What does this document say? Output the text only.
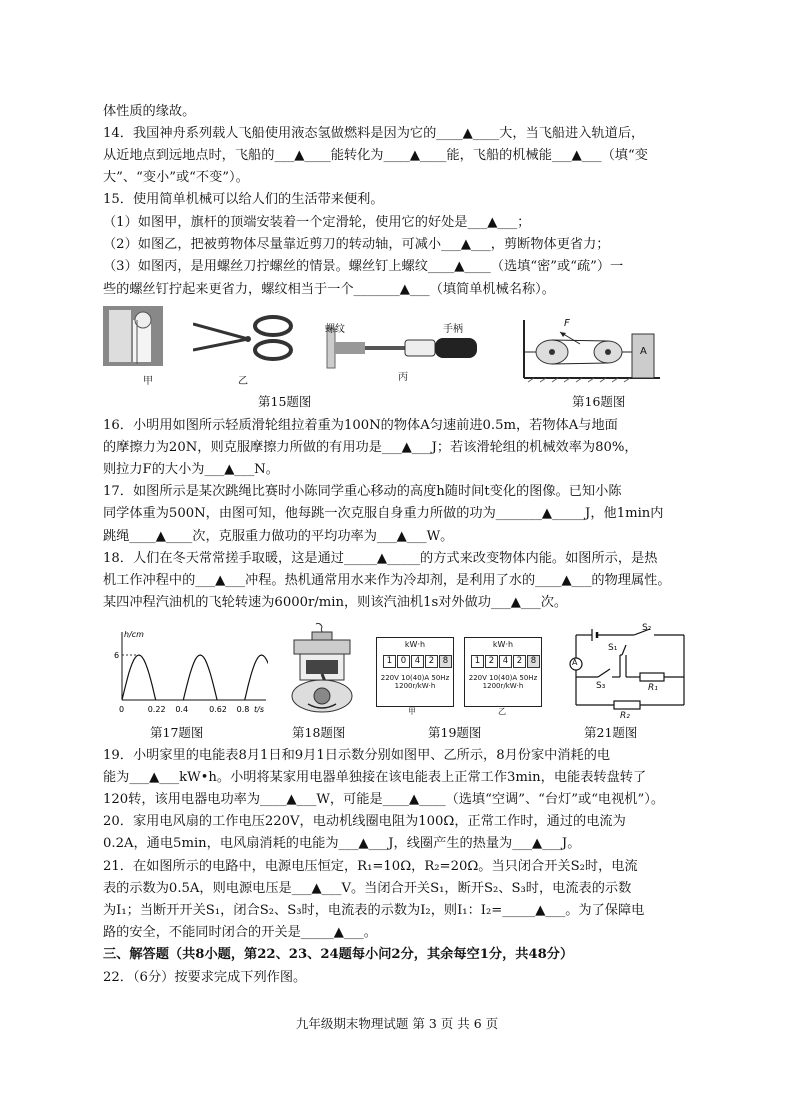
体性质的缘故。
14．我国神舟系列载人飞船使用液态氢做燃料是因为它的____▲____大，当飞船进入轨道后，
从近地点到远地点时，飞船的___▲____能转化为____▲____能，飞船的机械能___▲___（填“变
大”、“变小”或“不变”）。
15．使用简单机械可以给人们的生活带来便利。
（1）如图甲，旗杆的顶端安装着一个定滑轮，使用它的好处是___▲___；
（2）如图乙，把被剪物体尽量靠近剪刀的转动轴，可减小___▲___，剪断物体更省力；
（3）如图丙，是用螺丝刀拧螺丝的情景。螺丝钉上螺纹____▲____（选填“密”或“疏”）一
些的螺丝钉拧起来更省力，螺纹相当于一个_______▲___（填简单机械名称）。
甲	乙
螺纹	手柄
丙
第15题图
F
A
第16题图
16．小明用如图所示轻质滑轮组拉着重为100N的物体A匀速前进0.5m，若物体A与地面
的摩擦力为20N，则克服摩擦力所做的有用功是___▲___J；若该滑轮组的机械效率为80%，
则拉力F的大小为___▲___N。
17．如图所示是某次跳绳比赛时小陈同学重心移动的高度h随时间t变化的图像。已知小陈
同学体重为500N，由图可知，他每跳一次克服自身重力所做的功为_______▲_____J，他1min内
跳绳____▲____次，克服重力做功的平均功率为___▲___W。
18．人们在冬天常常搓手取暖，这是通过_____▲_____的方式来改变物体内能。如图所示，是热
机工作冲程中的___▲___冲程。热机通常用水来作为冷却剂，是利用了水的____▲___的物理属性。
某四冲程汽油机的飞轮转速为6000r/min，则该汽油机1s对外做功___▲___次。
6
0	0.22 0.4	0.62 0.8
h/cm
t/s
第17题图	第18题图
kW·h
1 0 4 2 8
220V 10(40)A 50Hz
1200r/kW·h
甲
kW·h
1 2 4 2 8
220V 10(40)A 50Hz
1200r/kW·h
乙
第19题图
A
S₂
S₁
S₃	R₁
R₂
第21题图
19．小明家里的电能表8月1日和9月1日示数分别如图甲、乙所示，8月份家中消耗的电
能为___▲___kW•h。小明将某家用电器单独接在该电能表上正常工作3min，电能表转盘转了
120转，该用电器电功率为____▲___W，可能是____▲____（选填“空调”、“台灯”或“电视机”）。
20．家用电风扇的工作电压220V，电动机线圈电阻为100Ω，正常工作时，通过的电流为
0.2A，通电5min，电风扇消耗的电能为___▲___J，线圈产生的热量为___▲___J。
21．在如图所示的电路中，电源电压恒定，R₁=10Ω，R₂=20Ω。当只闭合开关S₂时，电流
表的示数为0.5A，则电源电压是___▲___V。当闭合开关S₁，断开S₂、S₃时，电流表的示数
为I₁；当断开开关S₁，闭合S₂、S₃时，电流表的示数为I₂，则I₁：I₂=_____▲___。为了保障电
路的安全，不能同时闭合的开关是_____▲___。
三、解答题（共8小题，第22、23、24题每小问2分，其余每空1分，共48分）
22．（6分）按要求完成下列作图。
九年级期末物理试题 第 3 页 共 6 页
